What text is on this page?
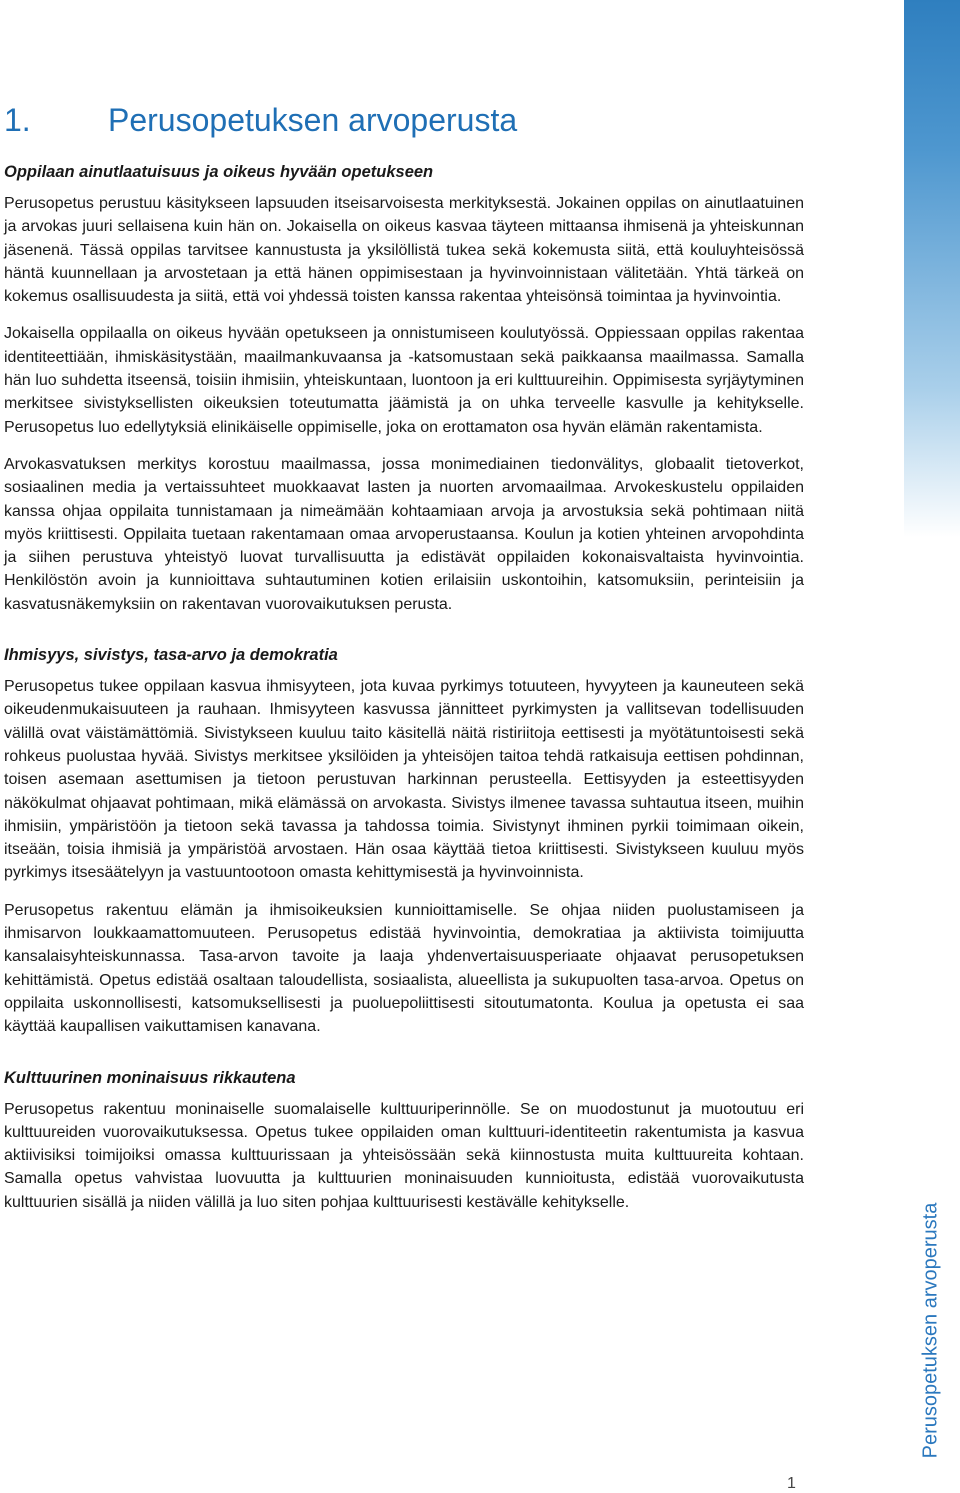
1.	Perusopetuksen arvoperusta
Oppilaan ainutlaatuisuus ja oikeus hyvään opetukseen

Perusopetus perustuu käsitykseen lapsuuden itseisarvoisesta merkityksestä. Jokainen oppilas on ainutlaatuinen ja arvokas juuri sellaisena kuin hän on. Jokaisella on oikeus kasvaa täyteen mittaansa ihmisenä ja yhteiskunnan jäsenenä. Tässä oppilas tarvitsee kannustusta ja yksilöllistä tukea sekä kokemusta siitä, että kouluyhteisössä häntä kuunnellaan ja arvostetaan ja että hänen oppimisestaan ja hyvinvoinnistaan välitetään. Yhtä tärkeä on kokemus osallisuudesta ja siitä, että voi yhdessä toisten kanssa rakentaa yhteisönsä toimintaa ja hyvinvointia.

Jokaisella oppilaalla on oikeus hyvään opetukseen ja onnistumiseen koulutyössä. Oppiessaan oppilas rakentaa identiteettiään, ihmiskäsitystään, maailmankuvaansa ja -katsomustaan sekä paikkaansa maailmassa. Samalla hän luo suhdetta itseensä, toisiin ihmisiin, yhteiskuntaan, luontoon ja eri kulttuureihin. Oppimisesta syrjäytyminen merkitsee sivistyksellisten oikeuksien toteutumatta jäämistä ja on uhka terveelle kasvulle ja kehitykselle. Perusopetus luo edellytyksiä elinikäiselle oppimiselle, joka on erottamaton osa hyvän elämän rakentamista.

Arvokasvatuksen merkitys korostuu maailmassa, jossa monimediainen tiedonvälitys, globaalit tietoverkot, sosiaalinen media ja vertaissuhteet muokkaavat lasten ja nuorten arvomaailmaa. Arvokeskustelu oppilaiden kanssa ohjaa oppilaita tunnistamaan ja nimeämään kohtaamiaan arvoja ja arvostuksia sekä pohtimaan niitä myös kriittisesti. Oppilaita tuetaan rakentamaan omaa arvoperustaansa. Koulun ja kotien yhteinen arvopohdinta ja siihen perustuva yhteistyö luovat turvallisuutta ja edistävät oppilaiden kokonaisvaltaista hyvinvointia. Henkilöstön avoin ja kunnioittava suhtautuminen kotien erilaisiin uskontoihin, katsomuksiin, perinteisiin ja kasvatusnäkemyksiin on rakentavan vuorovaikutuksen perusta.

Ihmisyys, sivistys, tasa-arvo ja demokratia

Perusopetus tukee oppilaan kasvua ihmisyyteen, jota kuvaa pyrkimys totuuteen, hyvyyteen ja kauneuteen sekä oikeudenmukaisuuteen ja rauhaan. Ihmisyyteen kasvussa jännitteet pyrkimysten ja vallitsevan todellisuuden välillä ovat väistämättömiä. Sivistykseen kuuluu taito käsitellä näitä ristiriitoja eettisesti ja myötätuntoisesti sekä rohkeus puolustaa hyvää. Sivistys merkitsee yksilöiden ja yhteisöjen taitoa tehdä ratkaisuja eettisen pohdinnan, toisen asemaan asettumisen ja tietoon perustuvan harkinnan perusteella. Eettisyyden ja esteettisyyden näkökulmat ohjaavat pohtimaan, mikä elämässä on arvokasta. Sivistys ilmenee tavassa suhtautua itseen, muihin ihmisiin, ympäristöön ja tietoon sekä tavassa ja tahdossa toimia. Sivistynyt ihminen pyrkii toimimaan oikein, itseään, toisia ihmisiä ja ympäristöä arvostaen. Hän osaa käyttää tietoa kriittisesti. Sivistykseen kuuluu myös pyrkimys itsesäätelyyn ja vastuuntootoon omasta kehittymisestä ja hyvinvoinnista.

Perusopetus rakentuu elämän ja ihmisoikeuksien kunnioittamiselle. Se ohjaa niiden puolustamiseen ja ihmisarvon loukkaamattomuuteen. Perusopetus edistää hyvinvointia, demokratiaa ja aktiivista toimijuutta kansalaisyhteiskunnassa. Tasa-arvon tavoite ja laaja yhdenvertaisuusperiaate ohjaavat perusopetuksen kehittämistä. Opetus edistää osaltaan taloudellista, sosiaalista, alueellista ja sukupuolten tasa-arvoa. Opetus on oppilaita uskonnollisesti, katsomuksellisesti ja puoluepoliittisesti sitoutumatonta. Koulua ja opetusta ei saa käyttää kaupallisen vaikuttamisen kanavana.

Kulttuurinen moninaisuus rikkautena

Perusopetus rakentuu moninaiselle suomalaiselle kulttuuriperinnölle. Se on muodostunut ja muotoutuu eri kulttuureiden vuorovaikutuksessa. Opetus tukee oppilaiden oman kulttuuri-identiteetin rakentumista ja kasvua aktiivisiksi toimijoiksi omassa kulttuurissaan ja yhteisössään sekä kiinnostusta muita kulttuureita kohtaan. Samalla opetus vahvistaa luovuutta ja kulttuurien moninaisuuden kunnioitusta, edistää vuorovaikutusta kulttuurien sisällä ja niiden välillä ja luo siten pohjaa kulttuurisesti kestävälle kehitykselle.	Perusopetuksen arvoperusta
1
